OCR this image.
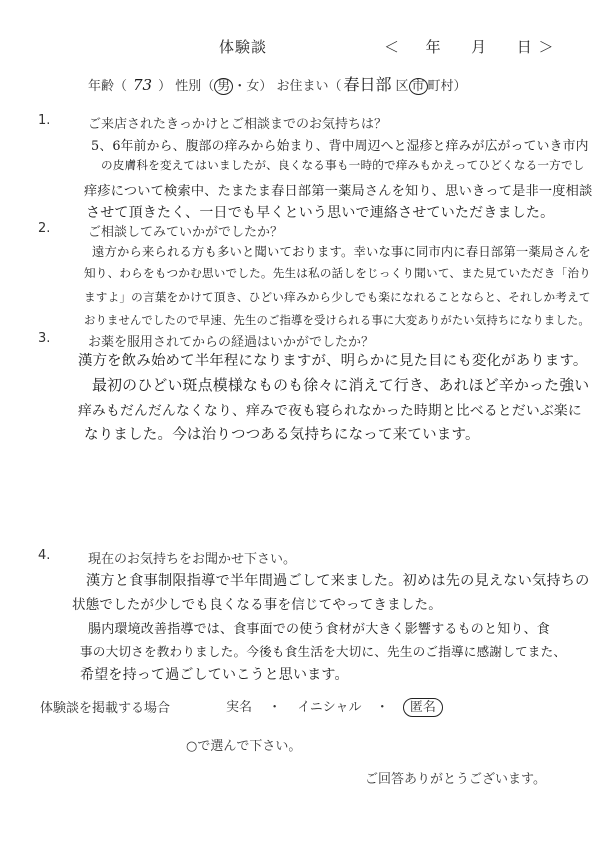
体験談	＜ 年 月 日 ＞
年齢（ 73 ） 性別（ 男 ・女） お住まい（ 春日部 区 市 町村）
1.	ご来店されたきっかけとご相談までのお気持ちは？
5、6年前から、腹部の痒みから始まり、背中周辺へと湿疹と痒みが広がっていき市内
の皮膚科を変えてはいましたが、良くなる事も一時的で痒みもかえってひどくなる一方でし
痒疹について検索中、たまたま春日部第一薬局さんを知り、思いきって是非一度相談
させて頂きたく、一日でも早くという思いで連絡させていただきました。
2.	ご相談してみていかがでしたか？
遠方から来られる方も多いと聞いております。幸いな事に同市内に春日部第一薬局さんを
知り、わらをもつかむ思いでした。先生は私の話しをじっくり聞いて、また見ていただき「治り
ますよ」の言葉をかけて頂き、ひどい痒みから少しでも楽になれることならと、それしか考えて
おりませんでしたので早速、先生のご指導を受けられる事に大変ありがたい気持ちになりました。
3.	お薬を服用されてからの経過はいかがでしたか？
漢方を飲み始めて半年程になりますが、明らかに見た目にも変化があります。
最初のひどい斑点模様なものも徐々に消えて行き、あれほど辛かった強い
痒みもだんだんなくなり、痒みで夜も寝られなかった時期と比べるとだいぶ楽に
なりました。今は治りつつある気持ちになって来ています。
4.	現在のお気持ちをお聞かせ下さい。
漢方と食事制限指導で半年間過ごして来ました。初めは先の見えない気持ちの
状態でしたが少しでも良くなる事を信じてやってきました。
腸内環境改善指導では、食事面での使う食材が大きく影響するものと知り、食
事の大切さを教わりました。今後も食生活を大切に、先生のご指導に感謝してまた、
希望を持って過ごしていこうと思います。
体験談を掲載する場合	実名 ・ イニシャル ・ 匿名
○で選んで下さい。
ご回答ありがとうございます。
